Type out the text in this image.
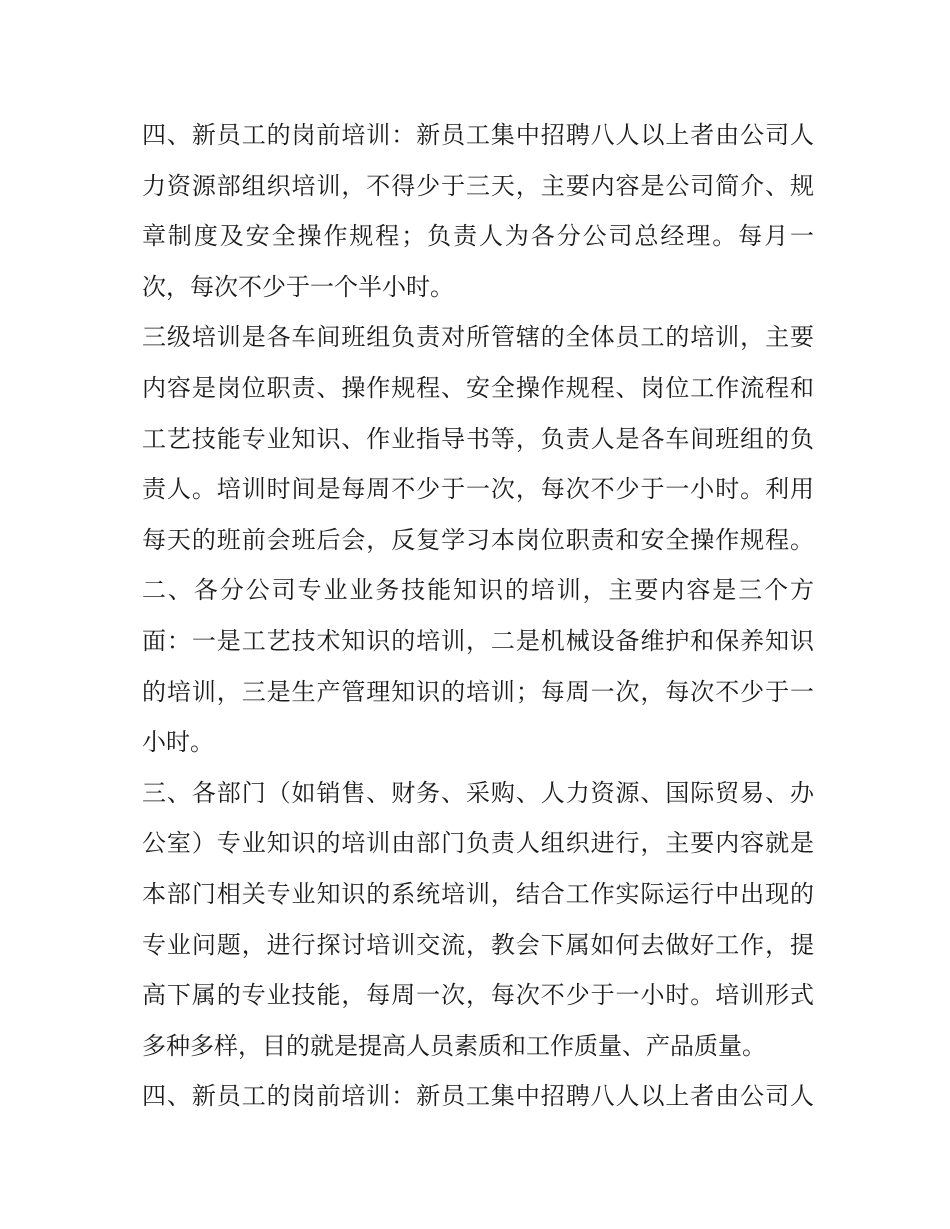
四、新员工的岗前培训：新员工集中招聘八人以上者由公司人
力资源部组织培训，不得少于三天，主要内容是公司简介、规
章制度及安全操作规程；负责人为各分公司总经理。每月一
次，每次不少于一个半小时。
三级培训是各车间班组负责对所管辖的全体员工的培训，主要
内容是岗位职责、操作规程、安全操作规程、岗位工作流程和
工艺技能专业知识、作业指导书等，负责人是各车间班组的负
责人。培训时间是每周不少于一次，每次不少于一小时。利用
每天的班前会班后会，反复学习本岗位职责和安全操作规程。
二、各分公司专业业务技能知识的培训，主要内容是三个方
面：一是工艺技术知识的培训，二是机械设备维护和保养知识
的培训，三是生产管理知识的培训；每周一次，每次不少于一
小时。
三、各部门（如销售、财务、采购、人力资源、国际贸易、办
公室）专业知识的培训由部门负责人组织进行，主要内容就是
本部门相关专业知识的系统培训，结合工作实际运行中出现的
专业问题，进行探讨培训交流，教会下属如何去做好工作，提
高下属的专业技能，每周一次，每次不少于一小时。培训形式
多种多样，目的就是提高人员素质和工作质量、产品质量。
四、新员工的岗前培训：新员工集中招聘八人以上者由公司人
